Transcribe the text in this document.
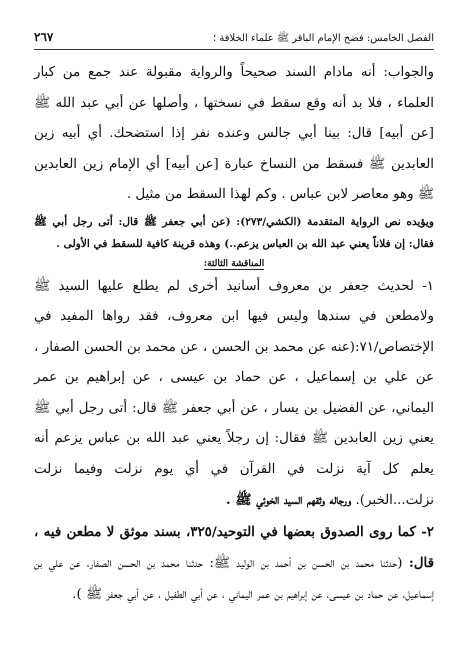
الفصل الخامس: فضح الإمام الباقر ﷺ علماء الخلافة ؛
٢٦٧

والجواب: أنه مادام السند صحيحاً والرواية مقبولة عند جمع من كبار العلماء ، فلا بد أنه وقع سقط في نسختها ، وأصلها عن أبي عبد الله ﷺ [عن أبيه] قال: بينا أبي جالس وعنده نفر إذا استضحك. أي أبيه زين العابدين ﷺ فسقط من النساخ عبارة [عن أبيه] أي الإمام زين العابدين ﷺ وهو معاصر لابن عباس . وكم لهذا السقط من مثيل .

ويؤيده نص الرواية المتقدمة (الكشي/٢٧٣): (عن أبي جعفر ﷺ قال: أتى رجل أبي ﷺ فقال: إن فلاناً يعني عبد الله بن العباس يزعم..) وهذه قرينة كافية للسقط في الأولى .

المناقشة الثالثة:

١- لحديث جعفر بن معروف أسانيد أخرى لم يطلع عليها السيد ﷺ ولامطعن في سندها وليس فيها ابن معروف، فقد رواها المفيد في الإختصاص/٧١:(عنه عن محمد بن الحسن ، عن محمد بن الحسن الصفار ، عن علي بن إسماعيل ، عن حماد بن عيسى ، عن إبراهيم بن عمر اليماني، عن الفضيل بن يسار ، عن أبي جعفر ﷺ قال: أتى رجل أبي ﷺ يعني زين العابدين ﷺ فقال: إن رجلاً يعني عبد الله بن عباس يزعم أنه يعلم كل آية نزلت في القرآن في أي يوم نزلت وفيما نزلت نزلت...الخبر). ورجاله وثقهم السيد الخوئي ﷺ .

٢- كما روى الصدوق بعضها في التوحيد/٣٢٥، بسند موثق لا مطعن فيه ، قال: (حدثنا محمد بن الحسن بن أحمد بن الوليد ﷺ: حدثنا محمد بن الحسن الصفار، عن علي بن إسماعيل، عن حماد بن عيسى، عن إبراهيم بن عمر اليماني ، عن أبي الطفيل ، عن أبي جعفر ﷺ ).
